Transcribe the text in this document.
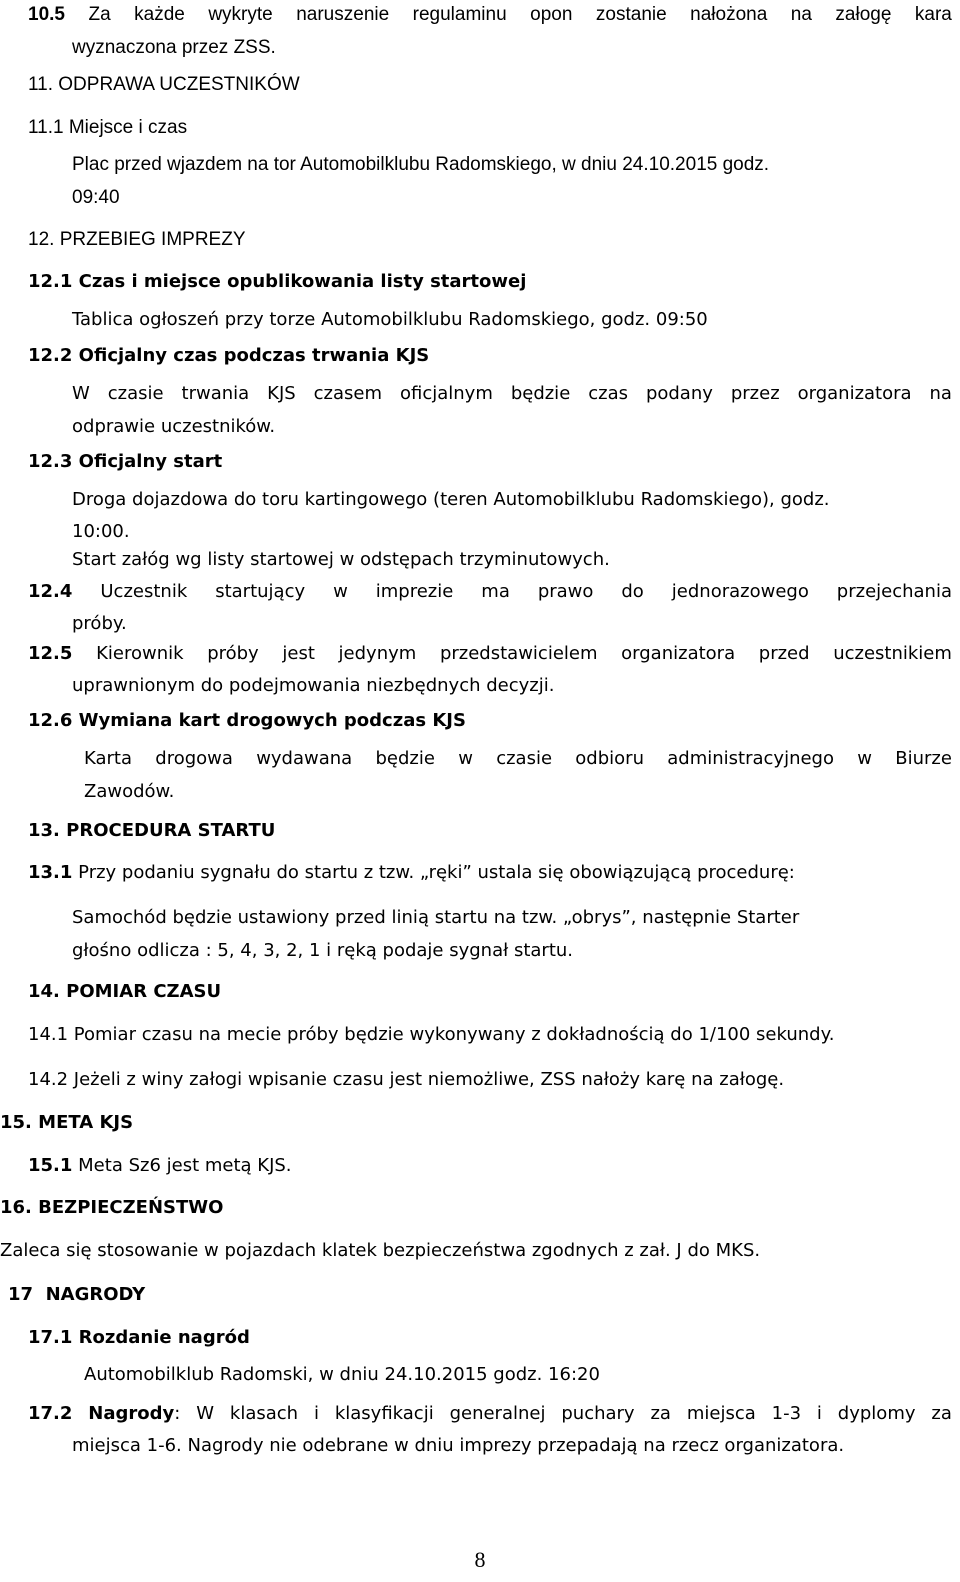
10.5 Za każde wykryte naruszenie regulaminu opon zostanie nałożona na załogę kara
wyznaczona przez ZSS.
11. ODPRAWA UCZESTNIKÓW
11.1 Miejsce i czas
Plac przed wjazdem na tor Automobilklubu Radomskiego, w dniu 24.10.2015 godz.
09:40
12. PRZEBIEG IMPREZY
12.1 Czas i miejsce opublikowania listy startowej
Tablica ogłoszeń przy torze Automobilklubu Radomskiego, godz. 09:50
12.2 Oficjalny czas podczas trwania KJS
W czasie trwania KJS czasem oficjalnym będzie czas podany przez organizatora na
odprawie uczestników.
12.3 Oficjalny start
Droga dojazdowa do toru kartingowego (teren Automobilklubu Radomskiego), godz.
10:00.
Start załóg wg listy startowej w odstępach trzyminutowych.
12.4 Uczestnik startujący w imprezie ma prawo do jednorazowego przejechania
próby.
12.5 Kierownik próby jest jedynym przedstawicielem organizatora przed uczestnikiem
uprawnionym do podejmowania niezbędnych decyzji.
12.6 Wymiana kart drogowych podczas KJS
Karta drogowa wydawana będzie w czasie odbioru administracyjnego w Biurze
Zawodów.
13. PROCEDURA STARTU
13.1 Przy podaniu sygnału do startu z tzw. „ręki” ustala się obowiązującą procedurę:
Samochód będzie ustawiony przed linią startu na tzw. „obrys”, następnie Starter
głośno odlicza : 5, 4, 3, 2, 1 i ręką podaje sygnał startu.
14. POMIAR CZASU
14.1 Pomiar czasu na mecie próby będzie wykonywany z dokładnością do 1/100 sekundy.
14.2 Jeżeli z winy załogi wpisanie czasu jest niemożliwe, ZSS nałoży karę na załogę.
15. META KJS
15.1 Meta Sz6 jest metą KJS.
16. BEZPIECZEŃSTWO
Zaleca się stosowanie w pojazdach klatek bezpieczeństwa zgodnych z zał. J do MKS.
17  NAGRODY
17.1 Rozdanie nagród
Automobilklub Radomski, w dniu 24.10.2015 godz. 16:20
17.2 Nagrody: W klasach i klasyfikacji generalnej puchary za miejsca 1-3 i dyplomy za
miejsca 1-6. Nagrody nie odebrane w dniu imprezy przepadają na rzecz organizatora.
8
